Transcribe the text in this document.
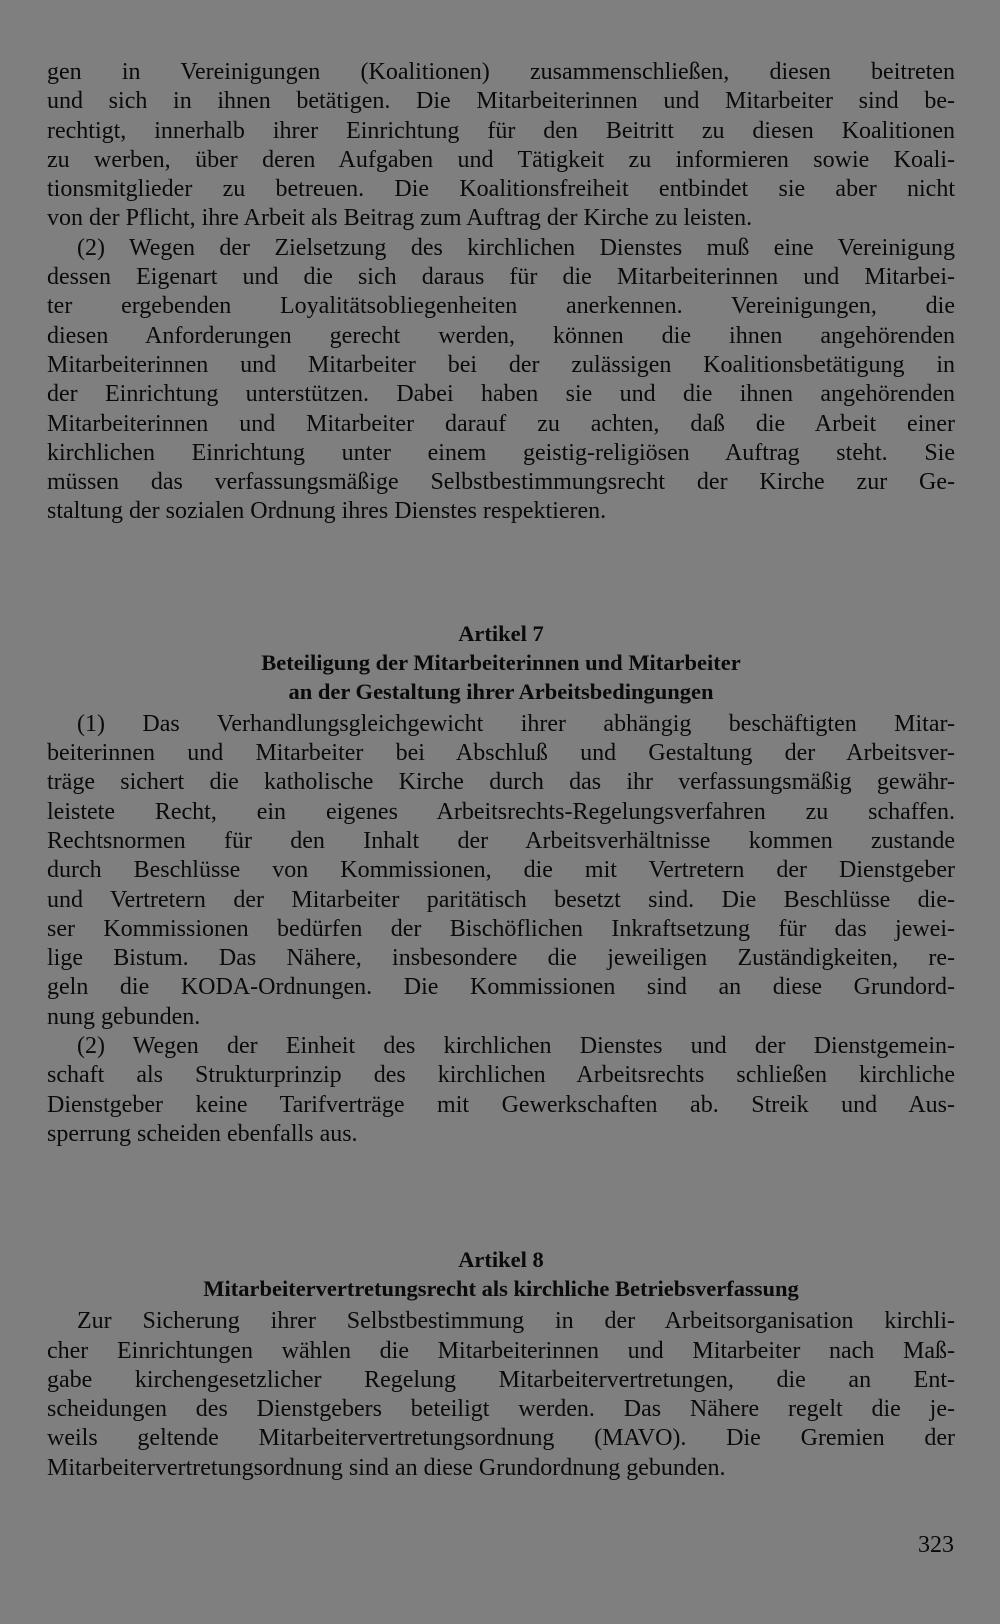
gen in Vereinigungen (Koalitionen) zusammenschließen, diesen beitreten
und sich in ihnen betätigen. Die Mitarbeiterinnen und Mitarbeiter sind be-
rechtigt, innerhalb ihrer Einrichtung für den Beitritt zu diesen Koalitionen
zu werben, über deren Aufgaben und Tätigkeit zu informieren sowie Koali-
tionsmitglieder zu betreuen. Die Koalitionsfreiheit entbindet sie aber nicht
von der Pflicht, ihre Arbeit als Beitrag zum Auftrag der Kirche zu leisten.
(2) Wegen der Zielsetzung des kirchlichen Dienstes muß eine Vereinigung
dessen Eigenart und die sich daraus für die Mitarbeiterinnen und Mitarbei-
ter ergebenden Loyalitätsobliegenheiten anerkennen. Vereinigungen, die
diesen Anforderungen gerecht werden, können die ihnen angehörenden
Mitarbeiterinnen und Mitarbeiter bei der zulässigen Koalitionsbetätigung in
der Einrichtung unterstützen. Dabei haben sie und die ihnen angehörenden
Mitarbeiterinnen und Mitarbeiter darauf zu achten, daß die Arbeit einer
kirchlichen Einrichtung unter einem geistig-religiösen Auftrag steht. Sie
müssen das verfassungsmäßige Selbstbestimmungsrecht der Kirche zur Ge-
staltung der sozialen Ordnung ihres Dienstes respektieren.
Artikel 7
Beteiligung der Mitarbeiterinnen und Mitarbeiter
an der Gestaltung ihrer Arbeitsbedingungen
(1) Das Verhandlungsgleichgewicht ihrer abhängig beschäftigten Mitar-
beiterinnen und Mitarbeiter bei Abschluß und Gestaltung der Arbeitsver-
träge sichert die katholische Kirche durch das ihr verfassungsmäßig gewähr-
leistete Recht, ein eigenes Arbeitsrechts-Regelungsverfahren zu schaffen.
Rechtsnormen für den Inhalt der Arbeitsverhältnisse kommen zustande
durch Beschlüsse von Kommissionen, die mit Vertretern der Dienstgeber
und Vertretern der Mitarbeiter paritätisch besetzt sind. Die Beschlüsse die-
ser Kommissionen bedürfen der Bischöflichen Inkraftsetzung für das jewei-
lige Bistum. Das Nähere, insbesondere die jeweiligen Zuständigkeiten, re-
geln die KODA-Ordnungen. Die Kommissionen sind an diese Grundord-
nung gebunden.
(2) Wegen der Einheit des kirchlichen Dienstes und der Dienstgemein-
schaft als Strukturprinzip des kirchlichen Arbeitsrechts schließen kirchliche
Dienstgeber keine Tarifverträge mit Gewerkschaften ab. Streik und Aus-
sperrung scheiden ebenfalls aus.
Artikel 8
Mitarbeitervertretungsrecht als kirchliche Betriebsverfassung
Zur Sicherung ihrer Selbstbestimmung in der Arbeitsorganisation kirchli-
cher Einrichtungen wählen die Mitarbeiterinnen und Mitarbeiter nach Maß-
gabe kirchengesetzlicher Regelung Mitarbeitervertretungen, die an Ent-
scheidungen des Dienstgebers beteiligt werden. Das Nähere regelt die je-
weils geltende Mitarbeitervertretungsordnung (MAVO). Die Gremien der
Mitarbeitervertretungsordnung sind an diese Grundordnung gebunden.
323
